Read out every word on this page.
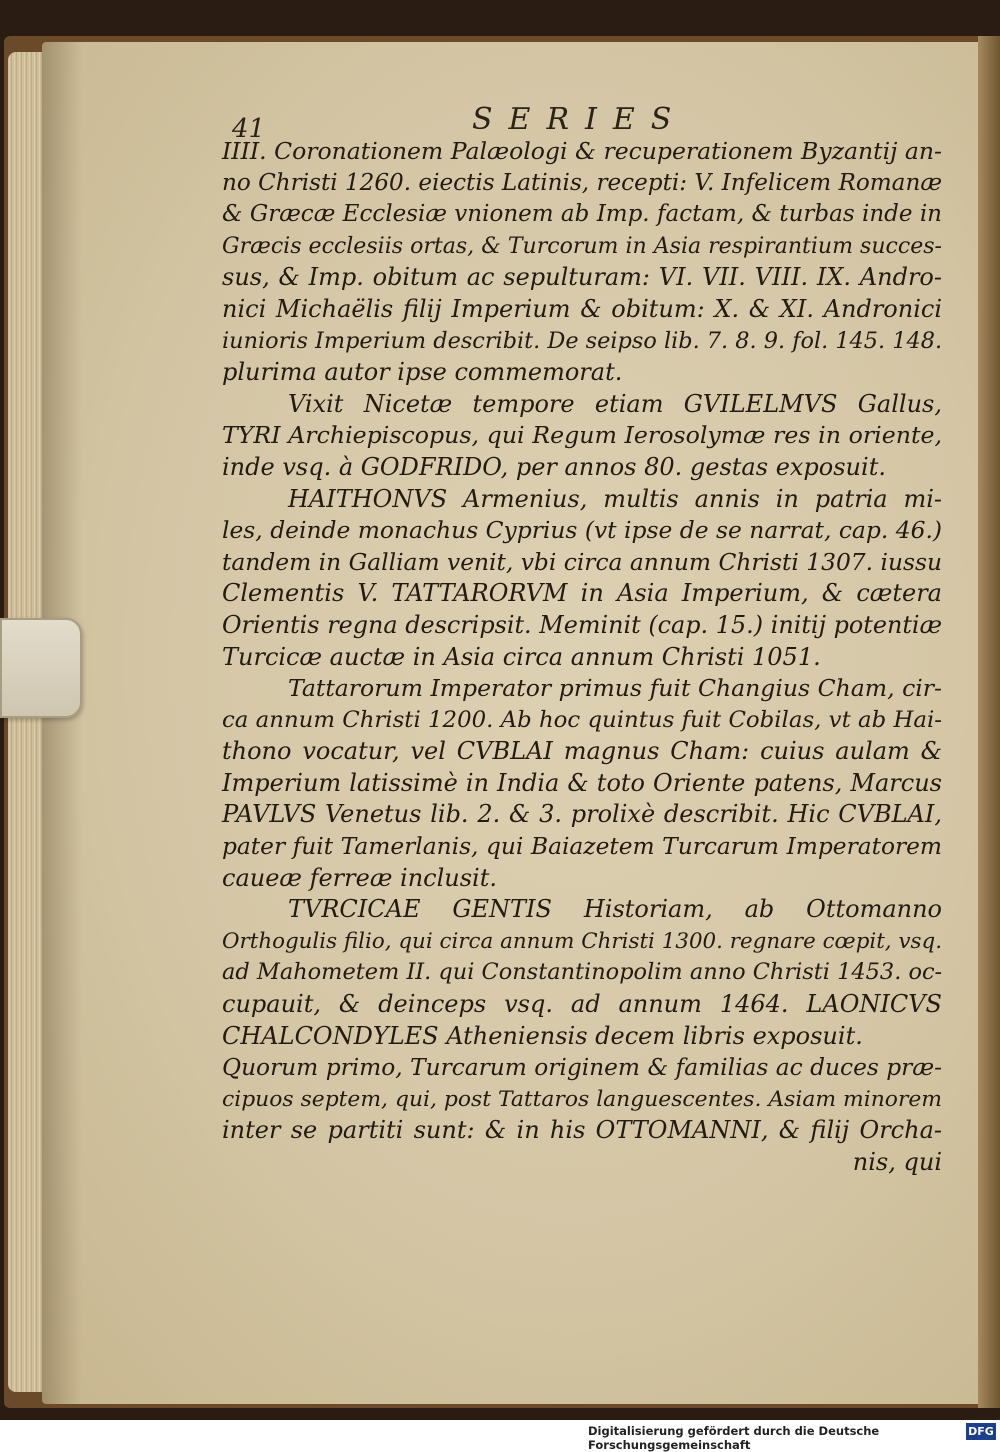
41	SERIES
IIII. Coronationem Palæologi & recuperationem Byzantij an-
no Christi 1260. eiectis Latinis, recepti: V. Infelicem Romanæ
& Græcæ Ecclesiæ vnionem ab Imp. factam, & turbas inde in
Græcis ecclesiis ortas, & Turcorum in Asia respirantium succes-
sus, & Imp. obitum ac sepulturam: VI. VII. VIII. IX. Andro-
nici Michaëlis filij Imperium & obitum: X. & XI. Andronici
iunioris Imperium describit. De seipso lib. 7. 8. 9. fol. 145. 148.
plurima autor ipse commemorat.
Vixit Nicetæ tempore etiam GVILELMVS Gallus,
TYRI Archiepiscopus, qui Regum Ierosolymæ res in oriente,
inde vsq. à GODFRIDO, per annos 80. gestas exposuit.
HAITHONVS Armenius, multis annis in patria mi-
les, deinde monachus Cyprius (vt ipse de se narrat, cap. 46.)
tandem in Galliam venit, vbi circa annum Christi 1307. iussu
Clementis V. TATTARORVM in Asia Imperium, & cætera
Orientis regna descripsit. Meminit (cap. 15.) initij potentiæ
Turcicæ auctæ in Asia circa annum Christi 1051.
Tattarorum Imperator primus fuit Changius Cham, cir-
ca annum Christi 1200. Ab hoc quintus fuit Cobilas, vt ab Hai-
thono vocatur, vel CVBLAI magnus Cham: cuius aulam &
Imperium latissimè in India & toto Oriente patens, Marcus
PAVLVS Venetus lib. 2. & 3. prolixè describit. Hic CVBLAI,
pater fuit Tamerlanis, qui Baiazetem Turcarum Imperatorem
caueæ ferreæ inclusit.
TVRCICAE GENTIS Historiam, ab Ottomanno
Orthogulis filio, qui circa annum Christi 1300. regnare cœpit, vsq.
ad Mahometem II. qui Constantinopolim anno Christi 1453. oc-
cupauit, & deinceps vsq. ad annum 1464. LAONICVS
CHALCONDYLES Atheniensis decem libris exposuit.
Quorum primo, Turcarum originem & familias ac duces præ-
cipuos septem, qui, post Tattaros languescentes. Asiam minorem
inter se partiti sunt: & in his OTTOMANNI, & filij Orcha-
nis, qui
Digitalisierung gefördert durch die Deutsche Forschungsgemeinschaft
DFG
